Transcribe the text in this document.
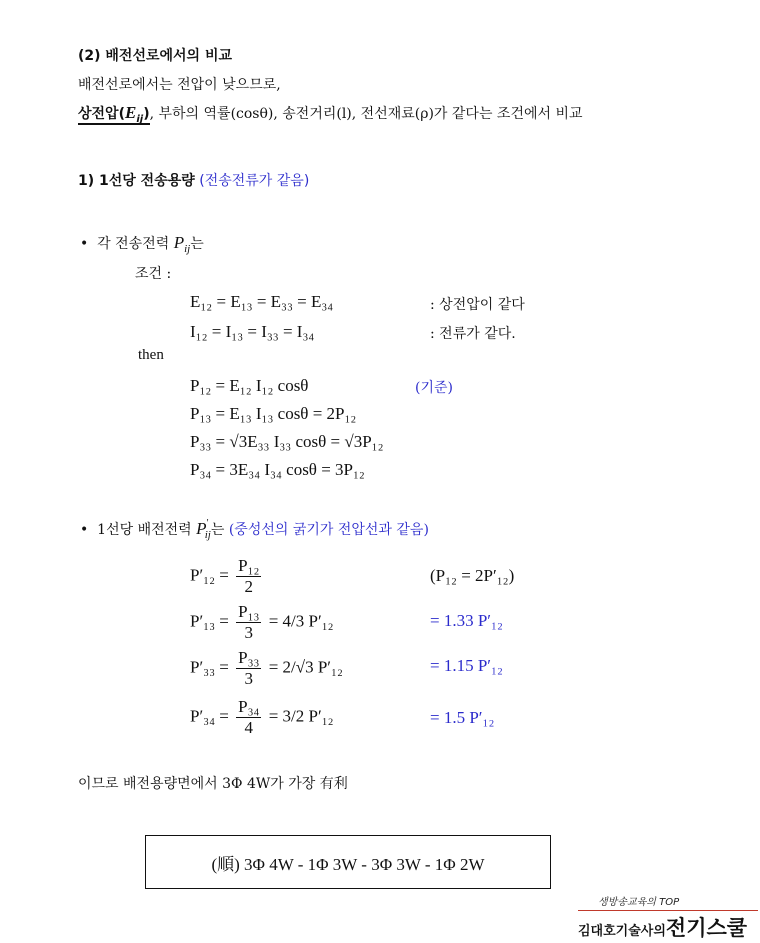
(2) 배전선로에서의 비교
배전선로에서는 전압이 낮으므로,
상전압$(E_{ij})$, 부하의 역률(cosθ), 송전거리(l), 전선재료(ρ)가 같다는 조건에서 비교
1) 1선당 전송용량 (전송전류가 같음)
• 각 전송전력 $P_{ij}$는
조건 :
E₁₂ = E₁₃ = E₃₃ = E₃₄	: 상전압이 같다
I₁₂ = I₁₃ = I₃₃ = I₃₄	: 전류가 같다.
then
P₁₂ = E₁₂ I₁₂ cosθ	(기준)
P₁₃ = E₁₃ I₁₃ cosθ = 2P₁₂
P₃₃ = √3E₃₃ I₃₃ cosθ = √3P₁₂
P₃₄ = 3E₃₄ I₃₄ cosθ = 3P₁₂
• 1선당 배전전력 $P'_{ij}$는 (중성선의 굵기가 전압선과 같음)
$P'_{12} = \frac{\text{P₁₂}}{2}$	(P₁₂ = 2P′₁₂)
$P'_{13} = \frac{\text{P₁₃}}{3} = 4/3$ P′₁₂	= 1.33 P′₁₂
$P'_{33} = \frac{\text{P₃₃}}{3} = 2/√3$ P′₁₂	= 1.15 P′₁₂
$P'_{34} = \frac{\text{P₃₄}}{4} = 3/2$ P′₁₂	= 1.5 P′₁₂
이므로 배전용량면에서 3Φ 4W가 가장 有利
(順) 3Φ 4W - 1Φ 3W - 3Φ 3W - 1Φ 2W
생방송교육의 TOP
김대호기술사의전기스쿨
